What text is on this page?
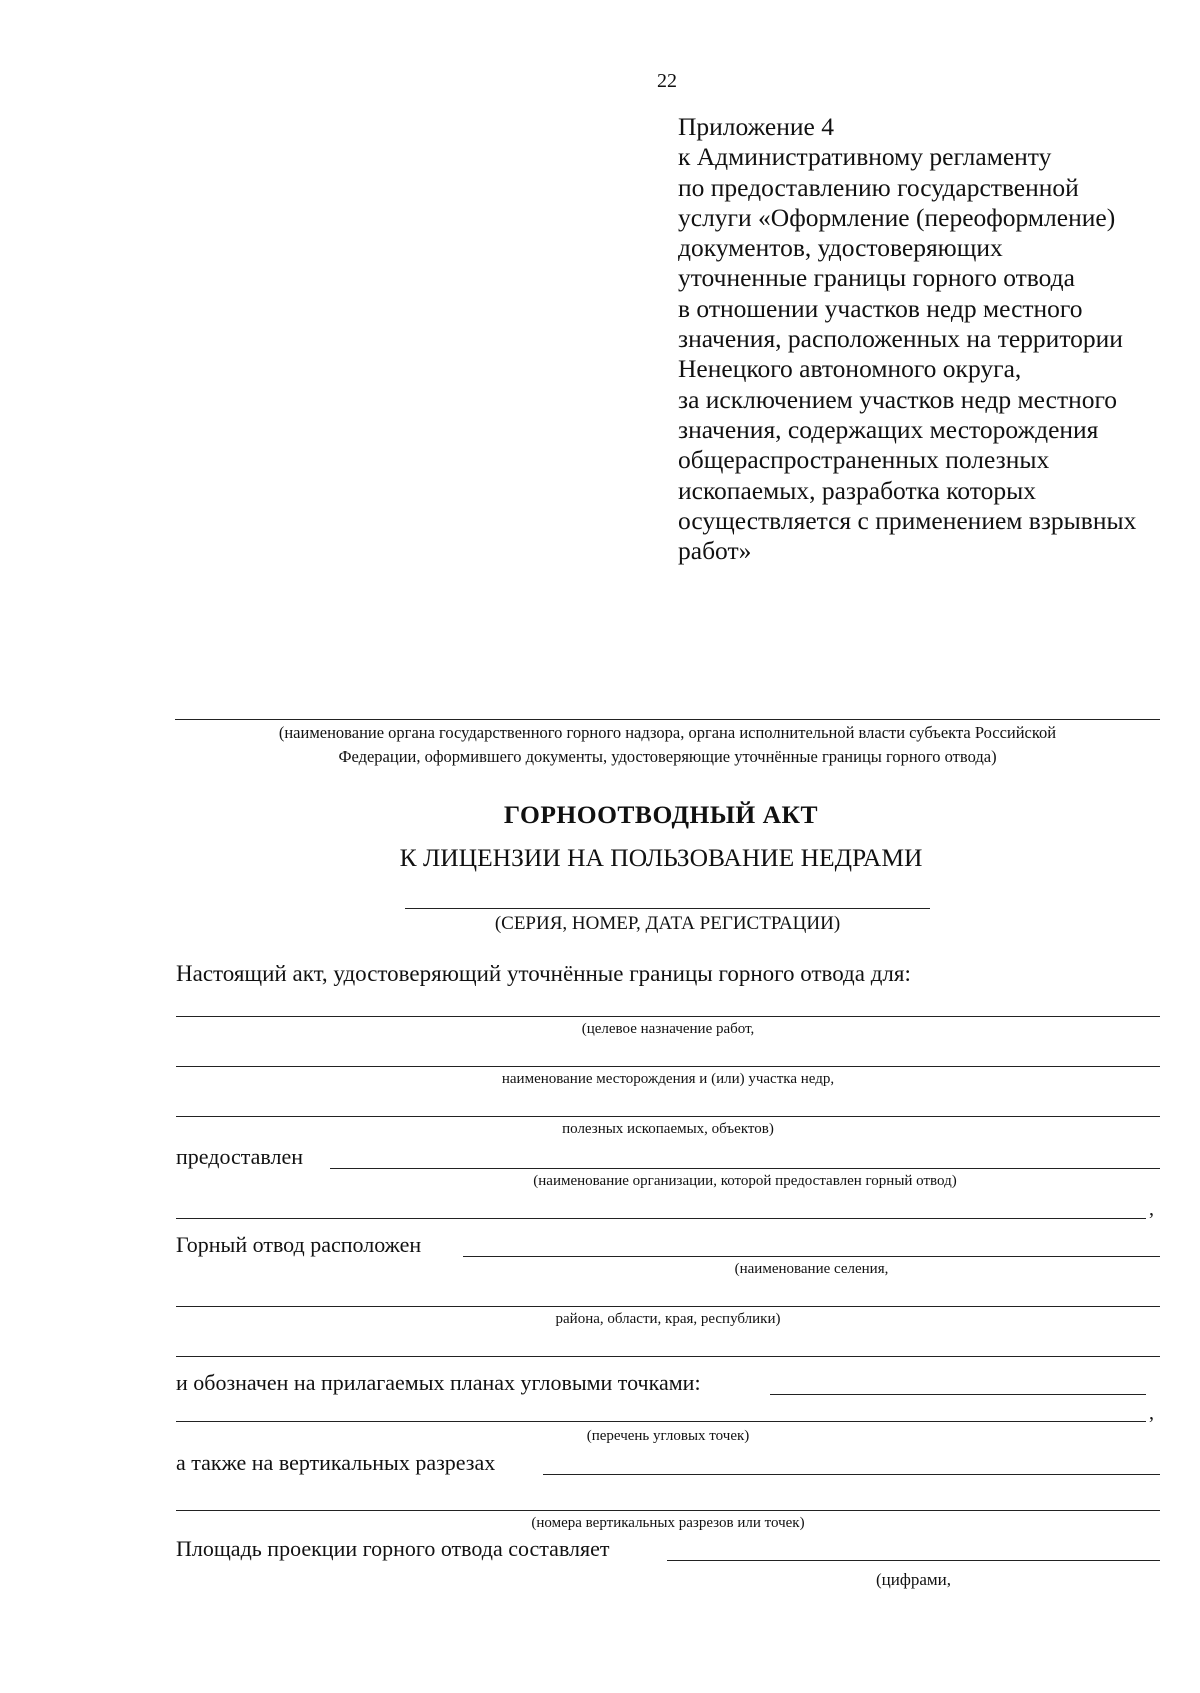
22
Приложение 4
к Административному регламенту
по предоставлению государственной
услуги «Оформление (переоформление)
документов, удостоверяющих
уточненные границы горного отвода
в отношении участков недр местного
значения, расположенных на территории
Ненецкого автономного округа,
за исключением участков недр местного
значения, содержащих месторождения
общераспространенных полезных
ископаемых, разработка которых
осуществляется с применением взрывных
работ»
(наименование органа государственного горного надзора, органа исполнительной власти субъекта Российской
Федерации, оформившего документы, удостоверяющие уточнённые границы горного отвода)
ГОРНООТВОДНЫЙ АКТ
К ЛИЦЕНЗИИ НА ПОЛЬЗОВАНИЕ НЕДРАМИ
(СЕРИЯ, НОМЕР, ДАТА РЕГИСТРАЦИИ)
Настоящий акт, удостоверяющий уточнённые границы горного отвода для:
(целевое назначение работ,
наименование месторождения и (или) участка недр,
полезных ископаемых, объектов)
предоставлен
(наименование организации, которой предоставлен горный отвод)
,
Горный отвод расположен
(наименование селения,
района, области, края, республики)
и обозначен на прилагаемых планах угловыми точками:
,
(перечень угловых точек)
а также на вертикальных разрезах
(номера вертикальных разрезов или точек)
Площадь проекции горного отвода составляет
(цифрами,
